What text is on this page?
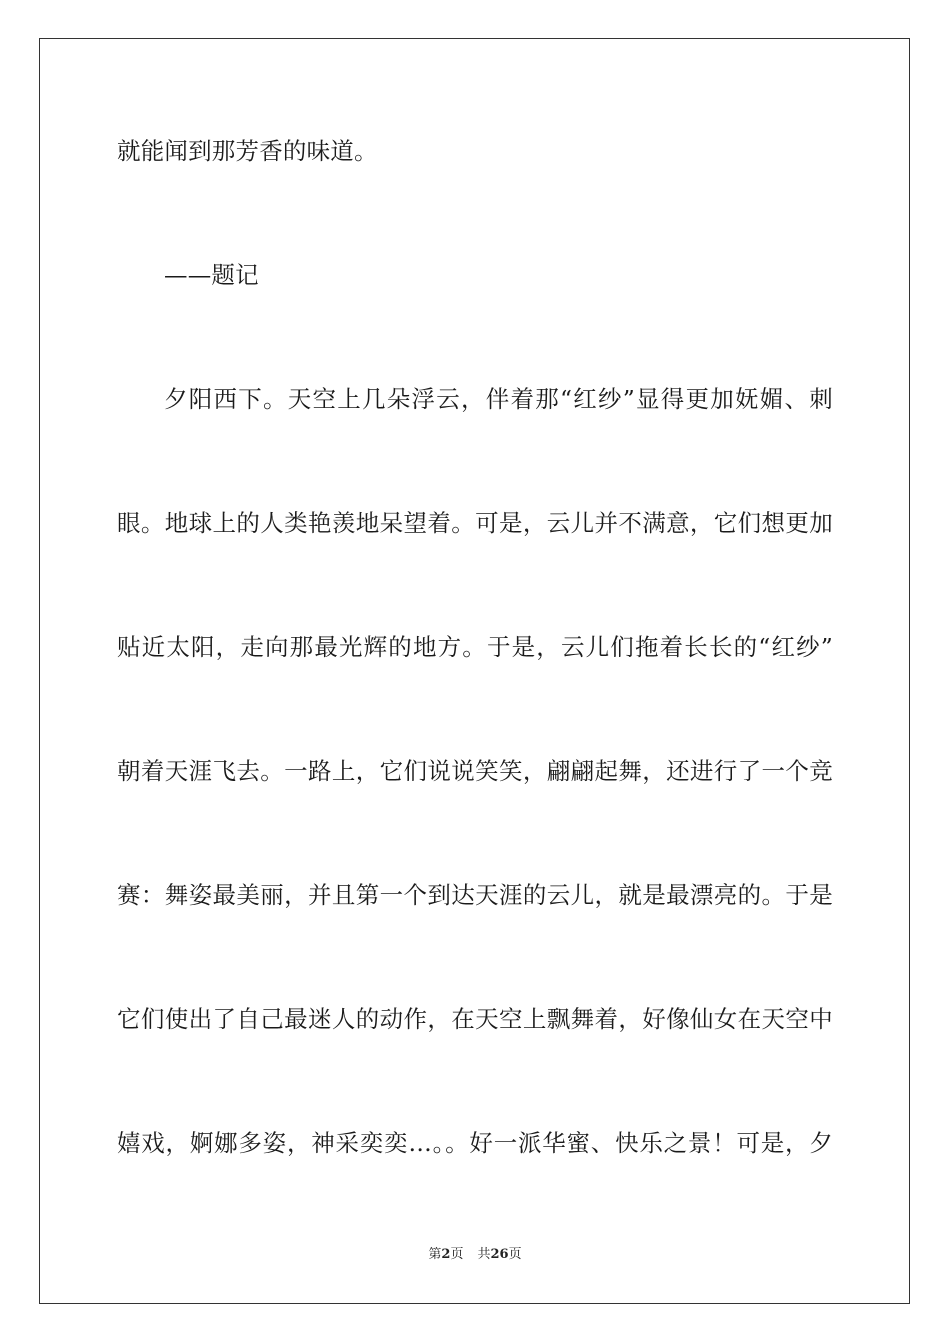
就能闻到那芳香的味道。
——题记
夕阳西下。天空上几朵浮云，伴着那“红纱”显得更加妩媚、刺
眼。地球上的人类艳羡地呆望着。可是，云儿并不满意，它们想更加
贴近太阳，走向那最光辉的地方。于是，云儿们拖着长长的“红纱”
朝着天涯飞去。一路上，它们说说笑笑，翩翩起舞，还进行了一个竞
赛：舞姿最美丽，并且第一个到达天涯的云儿，就是最漂亮的。于是
它们使出了自己最迷人的动作，在天空上飘舞着，好像仙女在天空中
嬉戏，婀娜多姿，神采奕奕…。。好一派华蜜、快乐之景！可是，夕
第2页 共26页
